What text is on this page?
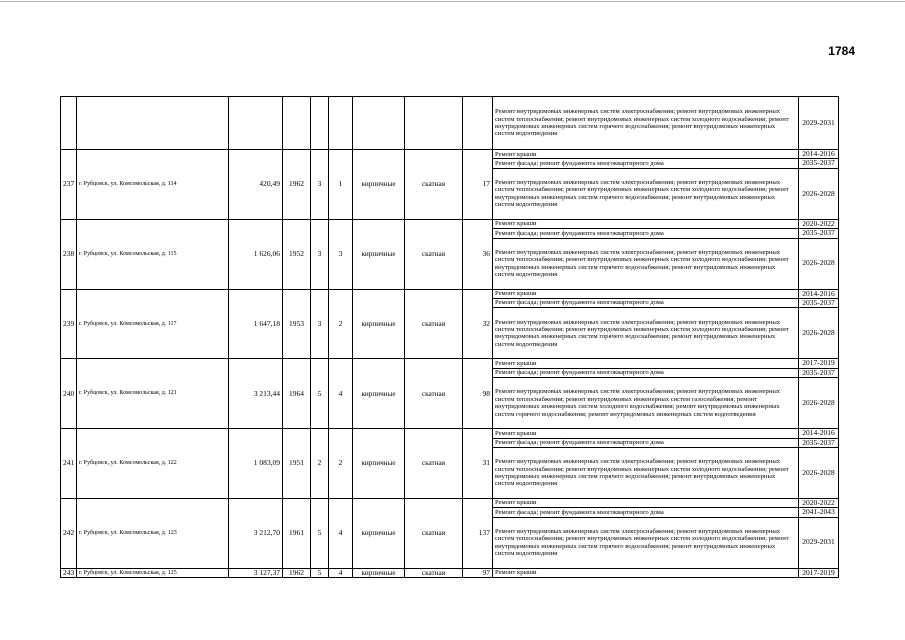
1784
									Ремонт внутридомовых инженерных систем электроснабжения; ремонт внутридомовых инженерных систем теплоснабжения; ремонт внутридомовых инженерных систем холодного водоснабжения; ремонт внутридомовых инженерных систем горячего водоснабжения; ремонт внутридомовых инженерных систем водоотведения	2029-2031
237	г. Рубцовск, ул. Комсомольская, д. 114	420,49	1962	3	1	кирпичные	скатная	17	Ремонт крыши	2014-2016
									Ремонт фасада; ремонт фундамента многоквартирного дома	2035-2037
									Ремонт внутридомовых инженерных систем электроснабжения; ремонт внутридомовых инженерных систем теплоснабжения; ремонт внутридомовых инженерных систем холодного водоснабжения; ремонт внутридомовых инженерных систем горячего водоснабжения; ремонт внутридомовых инженерных систем водоотведения	2026-2028
238	г. Рубцовск, ул. Комсомольская, д. 115	1 626,06	1952	3	3	кирпичные	скатная	36	Ремонт крыши	2020-2022
									Ремонт фасада; ремонт фундамента многоквартирного дома	2035-2037
									Ремонт внутридомовых инженерных систем электроснабжения; ремонт внутридомовых инженерных систем теплоснабжения; ремонт внутридомовых инженерных систем холодного водоснабжения; ремонт внутридомовых инженерных систем горячего водоснабжения; ремонт внутридомовых инженерных систем водоотведения	2026-2028
239	г. Рубцовск, ул. Комсомольская, д. 117	1 647,18	1953	3	2	кирпичные	скатная	32	Ремонт крыши	2014-2016
									Ремонт фасада; ремонт фундамента многоквартирного дома	2035-2037
									Ремонт внутридомовых инженерных систем электроснабжения; ремонт внутридомовых инженерных систем теплоснабжения; ремонт внутридомовых инженерных систем холодного водоснабжения; ремонт внутридомовых инженерных систем горячего водоснабжения; ремонт внутридомовых инженерных систем водоотведения	2026-2028
240	г. Рубцовск, ул. Комсомольская, д. 121	3 213,44	1964	5	4	кирпичные	скатная	98	Ремонт крыши	2017-2019
									Ремонт фасада; ремонт фундамента многоквартирного дома	2035-2037
									Ремонт внутридомовых инженерных систем электроснабжения; ремонт внутридомовых инженерных систем теплоснабжения; ремонт внутридомовых инженерных систем газоснабжения; ремонт внутридомовых инженерных систем холодного водоснабжения; ремонт внутридомовых инженерных систем горячего водоснабжения; ремонт внутридомовых инженерных систем водоотведения	2026-2028
241	г. Рубцовск, ул. Комсомольская, д. 122	1 083,09	1951	2	2	кирпичные	скатная	31	Ремонт крыши	2014-2016
									Ремонт фасада; ремонт фундамента многоквартирного дома	2035-2037
									Ремонт внутридомовых инженерных систем электроснабжения; ремонт внутридомовых инженерных систем теплоснабжения; ремонт внутридомовых инженерных систем холодного водоснабжения; ремонт внутридомовых инженерных систем горячего водоснабжения; ремонт внутридомовых инженерных систем водоотведения	2026-2028
242	г. Рубцовск, ул. Комсомольская, д. 123	3 212,70	1961	5	4	кирпичные	скатная	137	Ремонт крыши	2020-2022
									Ремонт фасада; ремонт фундамента многоквартирного дома	2041-2043
									Ремонт внутридомовых инженерных систем электроснабжения; ремонт внутридомовых инженерных систем теплоснабжения; ремонт внутридомовых инженерных систем холодного водоснабжения; ремонт внутридомовых инженерных систем горячего водоснабжения; ремонт внутридомовых инженерных систем водоотведения	2029-2031
243	г. Рубцовск, ул. Комсомольская, д. 125	3 127,37	1962	5	4	кирпичные	скатная	97	Ремонт крыши	2017-2019
